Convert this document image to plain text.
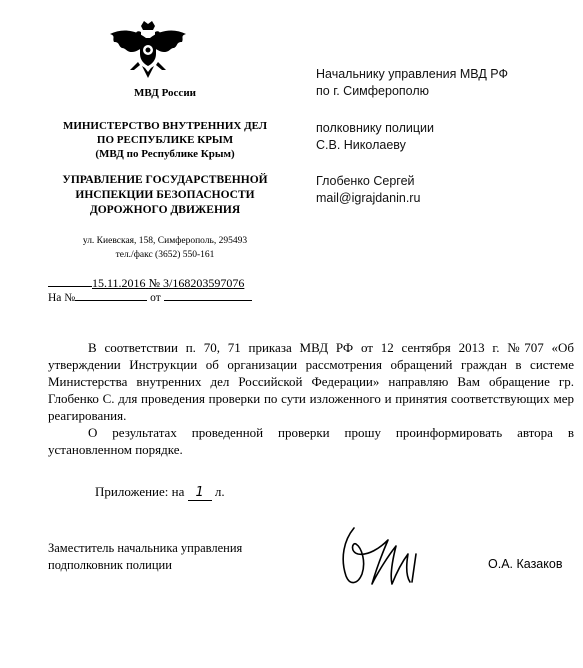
МВД России
МИНИСТЕРСТВО ВНУТРЕННИХ ДЕЛ
ПО РЕСПУБЛИКЕ КРЫМ
(МВД по Республике Крым)
УПРАВЛЕНИЕ ГОСУДАРСТВЕННОЙ
ИНСПЕКЦИИ БЕЗОПАСНОСТИ
ДОРОЖНОГО ДВИЖЕНИЯ
ул. Киевская, 158, Симферополь, 295493
тел./факс (3652) 550-161
15.11.2016 № 3/168203597076
На №	от
Начальнику управления МВД РФ
по г. Симферополю
полковнику полиции
С.В. Николаеву
Глобенко Сергей
mail@igrajdanin.ru

В соответствии п. 70, 71 приказа МВД РФ от 12 сентября 2013 г. №707 «Об утверждении Инструкции об организации рассмотрения обращений граждан в системе Министерства внутренних дел Российской Федерации» направляю Вам обращение гр. Глобенко С. для проведения проверки по сути изложенного и принятия соответствующих мер реагирования.

О результатах проведенной проверки прошу проинформировать автора в установленном порядке.

Приложение: на 1 л.
Заместитель начальника управления
подполковник полиции	О.А. Казаков
